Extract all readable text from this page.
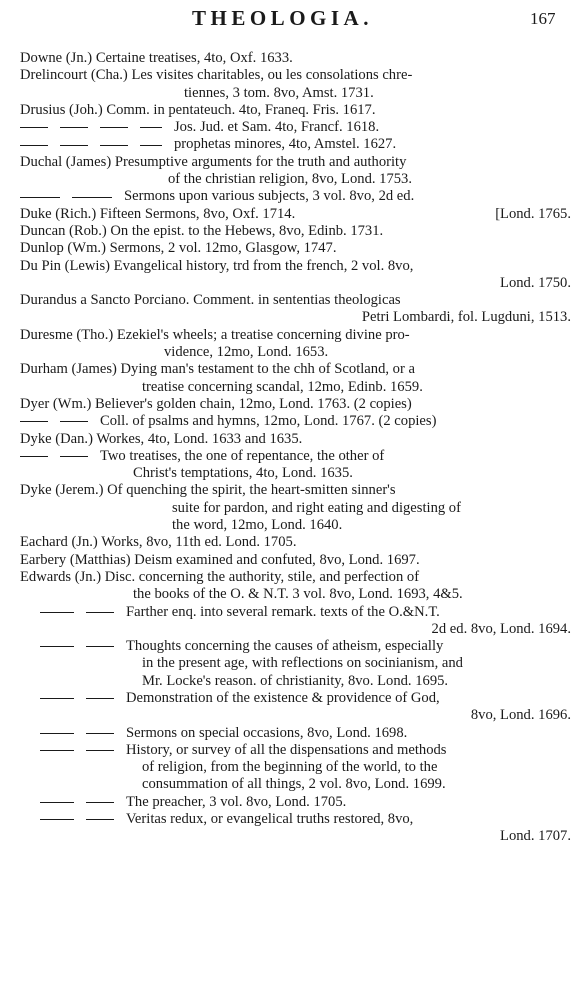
THEOLOGIA.	167
Downe (Jn.) Certaine treatises, 4to, Oxf. 1633.
Drelincourt (Cha.) Les visites charitables, ou les consolations chre-
tiennes, 3 tom. 8vo, Amst. 1731.
Drusius (Joh.) Comm. in pentateuch. 4to, Franeq. Fris. 1617.
Jos. Jud. et Sam. 4to, Francf. 1618.
prophetas minores, 4to, Amstel. 1627.
Duchal (James) Presumptive arguments for the truth and authority
of the christian religion, 8vo, Lond. 1753.
Sermons upon various subjects, 3 vol. 8vo, 2d ed.
Duke (Rich.) Fifteen Sermons, 8vo, Oxf. 1714.	[Lond. 1765.
Duncan (Rob.) On the epist. to the Hebews, 8vo, Edinb. 1731.
Dunlop (Wm.) Sermons, 2 vol. 12mo, Glasgow, 1747.
Du Pin (Lewis) Evangelical history, trd from the french, 2 vol. 8vo,
Lond. 1750.
Durandus a Sancto Porciano. Comment. in sententias theologicas
Petri Lombardi, fol. Lugduni, 1513.
Duresme (Tho.) Ezekiel's wheels; a treatise concerning divine pro-
vidence, 12mo, Lond. 1653.
Durham (James) Dying man's testament to the chh of Scotland, or a
treatise concerning scandal, 12mo, Edinb. 1659.
Dyer (Wm.) Believer's golden chain, 12mo, Lond. 1763. (2 copies)
Coll. of psalms and hymns, 12mo, Lond. 1767. (2 copies)
Dyke (Dan.) Workes, 4to, Lond. 1633 and 1635.
Two treatises, the one of repentance, the other of
Christ's temptations, 4to, Lond. 1635.
Dyke (Jerem.) Of quenching the spirit, the heart-smitten sinner's
suite for pardon, and right eating and digesting of
the word, 12mo, Lond. 1640.
Eachard (Jn.) Works, 8vo, 11th ed. Lond. 1705.
Earbery (Matthias) Deism examined and confuted, 8vo, Lond. 1697.
Edwards (Jn.) Disc. concerning the authority, stile, and perfection of
the books of the O. & N.T. 3 vol. 8vo, Lond. 1693, 4&5.
Farther enq. into several remark. texts of the O.&N.T.
2d ed. 8vo, Lond. 1694.
Thoughts concerning the causes of atheism, especially
in the present age, with reflections on socinianism, and
Mr. Locke's reason. of christianity, 8vo. Lond. 1695.
Demonstration of the existence & providence of God,
8vo, Lond. 1696.
Sermons on special occasions, 8vo, Lond. 1698.
History, or survey of all the dispensations and methods
of religion, from the beginning of the world, to the
consummation of all things, 2 vol. 8vo, Lond. 1699.
The preacher, 3 vol. 8vo, Lond. 1705.
Veritas redux, or evangelical truths restored, 8vo,
Lond. 1707.
